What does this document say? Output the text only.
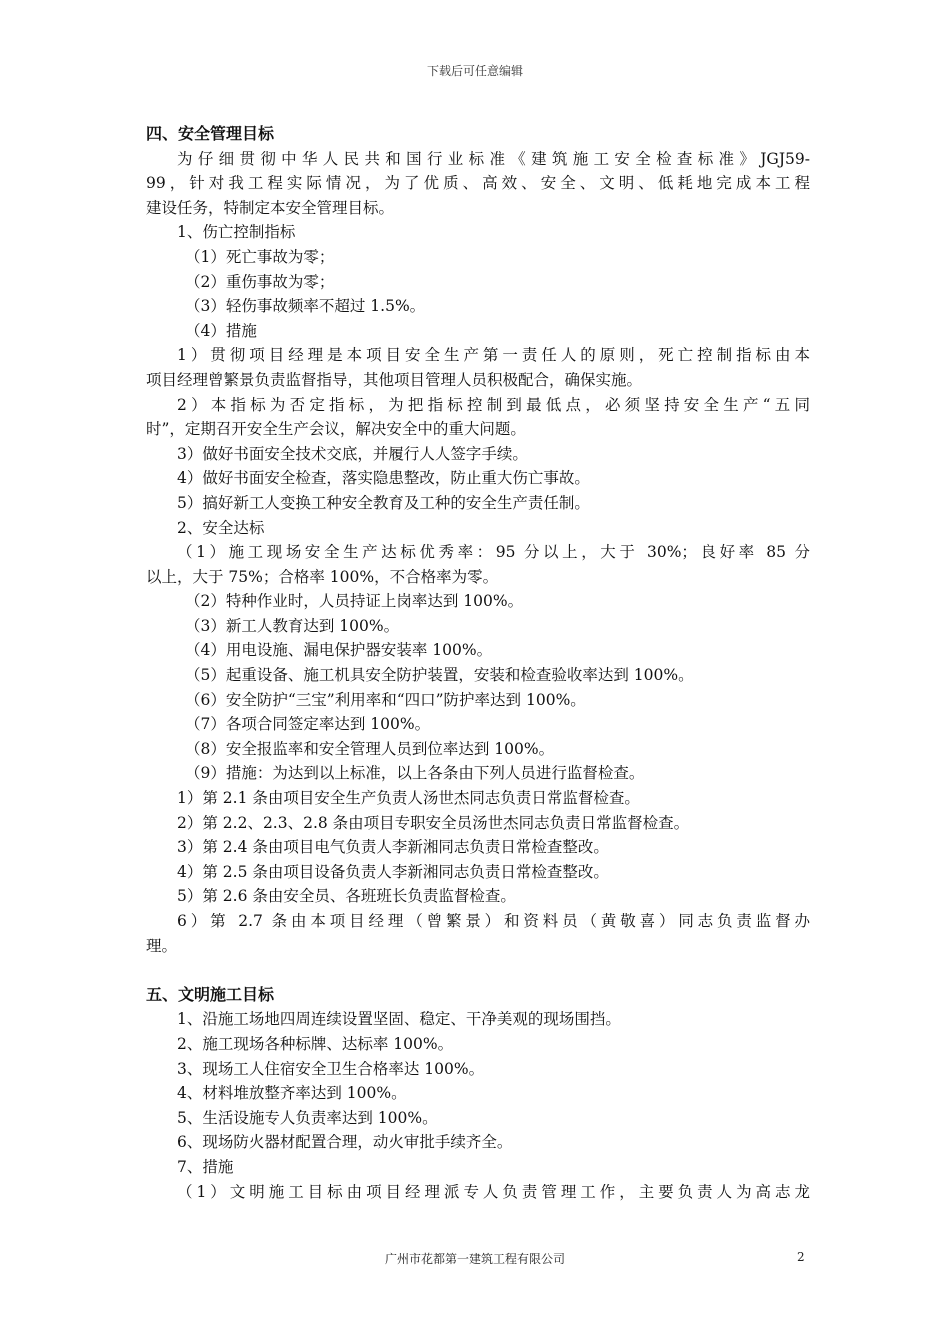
下载后可任意编辑
四、安全管理目标
为仔细贯彻中华人民共和国行业标准《建筑施工安全检查标准》JGJ59-
99，针对我工程实际情况，为了优质、高效、安全、文明、低耗地完成本工程
建设任务，特制定本安全管理目标。
1、伤亡控制指标
（1）死亡事故为零；
（2）重伤事故为零；
（3）轻伤事故频率不超过 1.5%。
（4）措施
1）贯彻项目经理是本项目安全生产第一责任人的原则，死亡控制指标由本
项目经理曾繁景负责监督指导，其他项目管理人员积极配合，确保实施。
2）本指标为否定指标，为把指标控制到最低点，必须坚持安全生产“五同
时”，定期召开安全生产会议，解决安全中的重大问题。
3）做好书面安全技术交底，并履行人人签字手续。
4）做好书面安全检查，落实隐患整改，防止重大伤亡事故。
5）搞好新工人变换工种安全教育及工种的安全生产责任制。
2、安全达标
（1）施工现场安全生产达标优秀率：95 分以上，大于 30%；良好率 85 分
以上，大于 75%；合格率 100%，不合格率为零。
（2）特种作业时，人员持证上岗率达到 100%。
（3）新工人教育达到 100%。
（4）用电设施、漏电保护器安装率 100%。
（5）起重设备、施工机具安全防护装置，安装和检查验收率达到 100%。
（6）安全防护“三宝”利用率和“四口”防护率达到 100%。
（7）各项合同签定率达到 100%。
（8）安全报监率和安全管理人员到位率达到 100%。
（9）措施：为达到以上标准，以上各条由下列人员进行监督检查。
1）第 2.1 条由项目安全生产负责人汤世杰同志负责日常监督检查。
2）第 2.2、2.3、2.8 条由项目专职安全员汤世杰同志负责日常监督检查。
3）第 2.4 条由项目电气负责人李新湘同志负责日常检查整改。
4）第 2.5 条由项目设备负责人李新湘同志负责日常检查整改。
5）第 2.6 条由安全员、各班班长负责监督检查。
6）第 2.7 条由本项目经理（曾繁景）和资料员（黄敬喜）同志负责监督办
理。
五、文明施工目标
1、沿施工场地四周连续设置坚固、稳定、干净美观的现场围挡。
2、施工现场各种标牌、达标率 100%。
3、现场工人住宿安全卫生合格率达 100%。
4、材料堆放整齐率达到 100%。
5、生活设施专人负责率达到 100%。
6、现场防火器材配置合理，动火审批手续齐全。
7、措施
（1）文明施工目标由项目经理派专人负责管理工作，主要负责人为高志龙
广州市花都第一建筑工程有限公司	2
